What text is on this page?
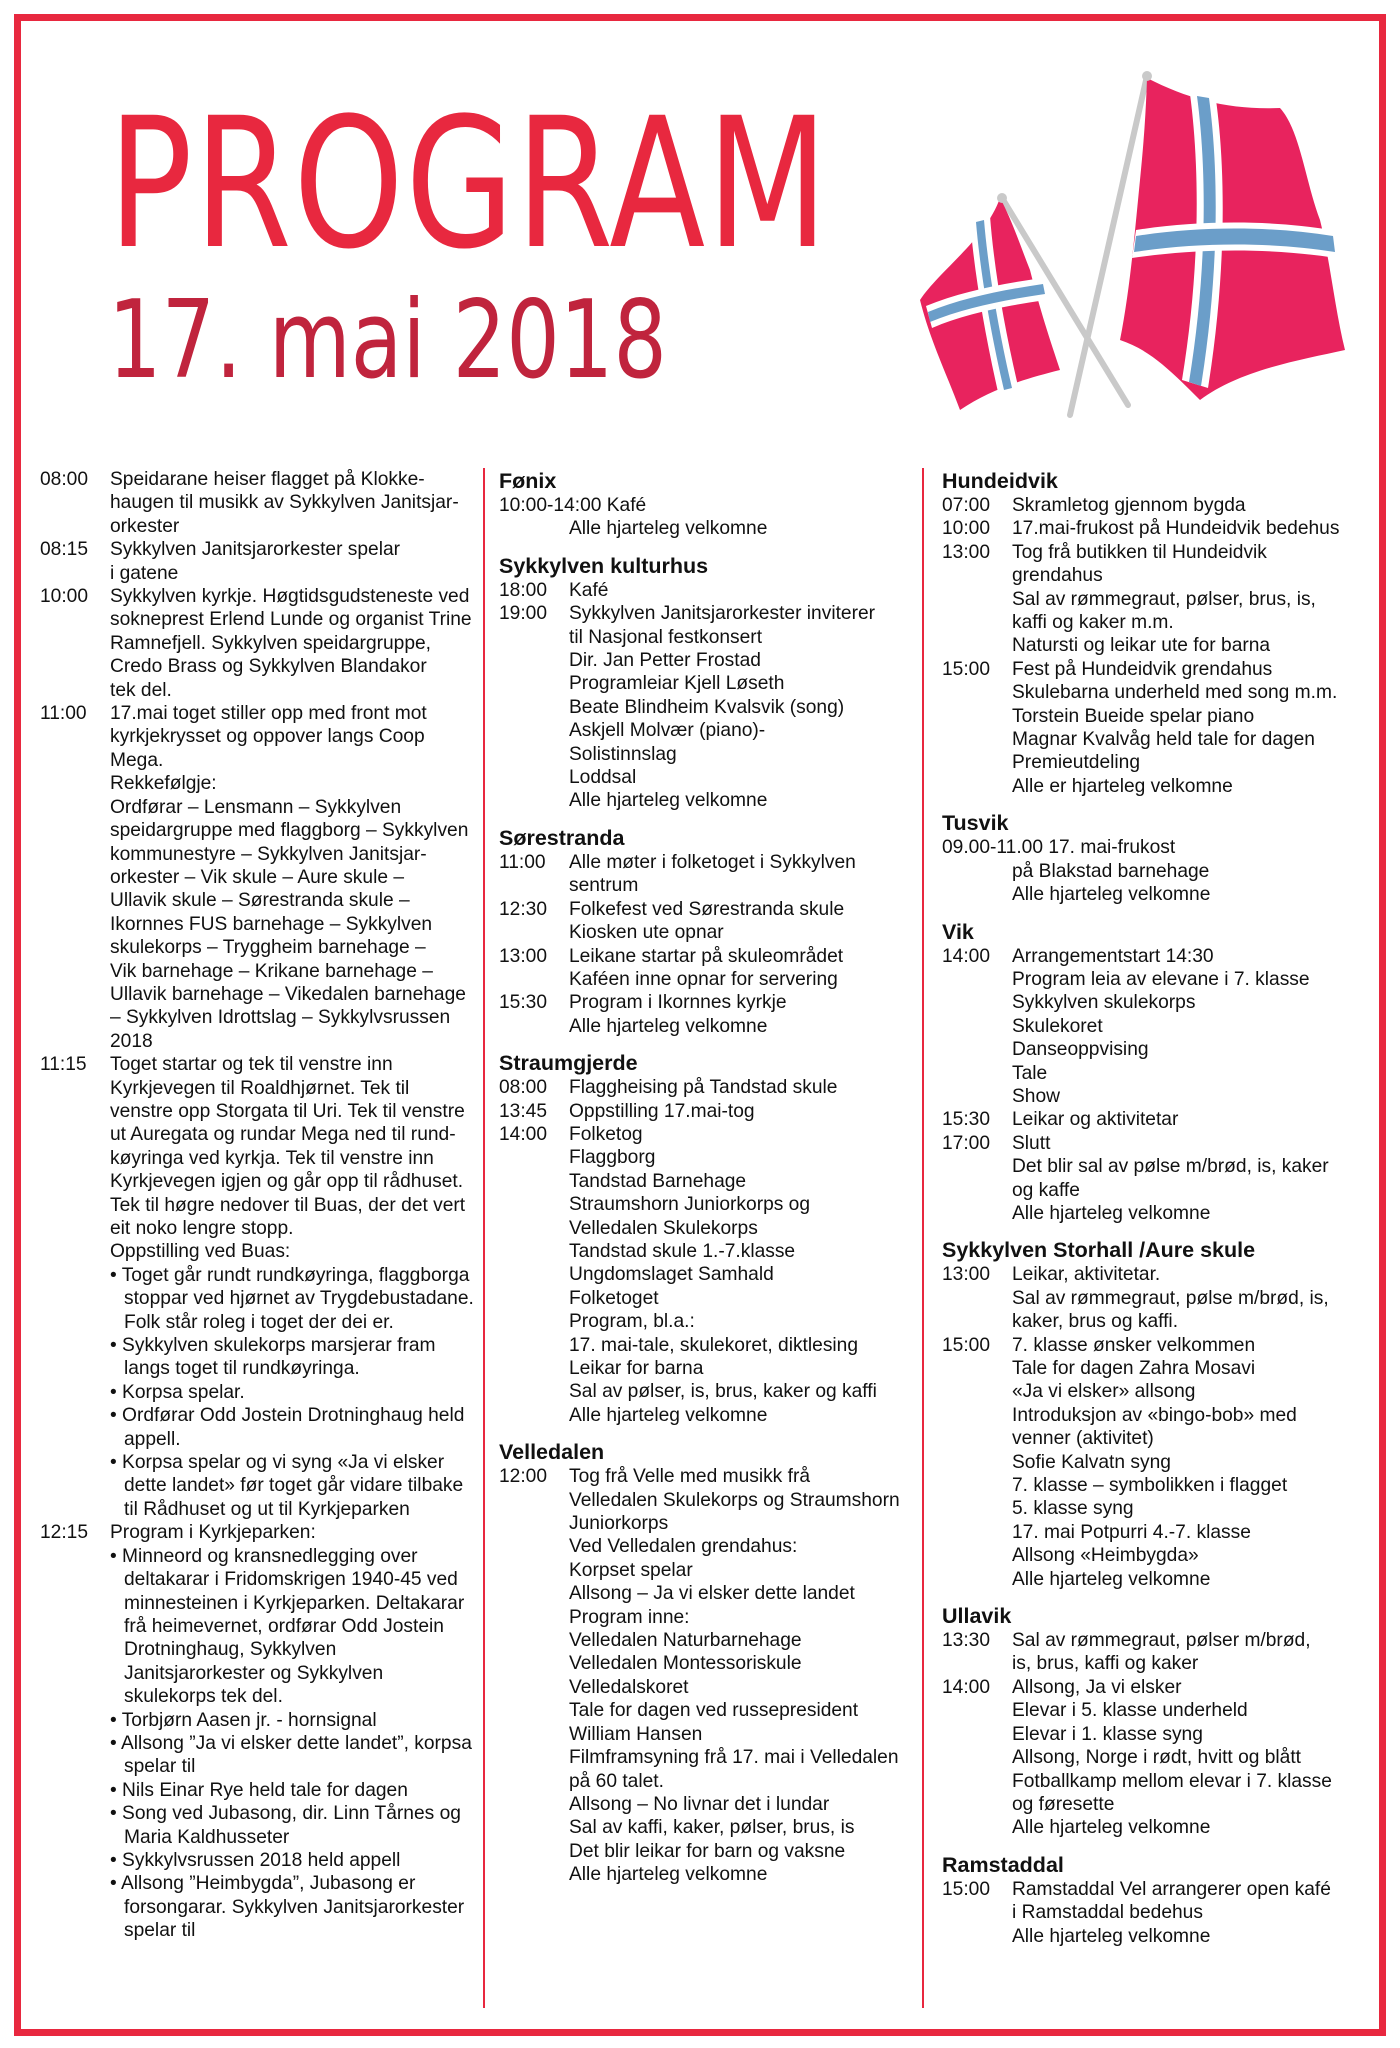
PROGRAM
17. mai 2018
08:00	Speidarane heiser flagget på Klokke-
haugen til musikk av Sykkylven Janitsjar-
orkester
08:15	Sykkylven Janitsjarorkester spelar
i gatene
10:00	Sykkylven kyrkje. Høgtidsgudsteneste ved
sokneprest Erlend Lunde og organist Trine
Ramnefjell. Sykkylven speidargruppe,
Credo Brass og Sykkylven Blandakor
tek del.
11:00	17.mai toget stiller opp med front mot
kyrkjekrysset og oppover langs Coop
Mega.
Rekkefølgje:
Ordførar – Lensmann – Sykkylven
speidargruppe med flaggborg – Sykkylven
kommunestyre – Sykkylven Janitsjar-
orkester – Vik skule – Aure skule –
Ullavik skule – Sørestranda skule –
Ikornnes FUS barnehage – Sykkylven
skulekorps – Tryggheim barnehage –
Vik barnehage – Krikane barnehage –
Ullavik barnehage – Vikedalen barnehage
– Sykkylven Idrottslag – Sykkylvsrussen
2018
11:15	Toget startar og tek til venstre inn
Kyrkjevegen til Roaldhjørnet. Tek til
venstre opp Storgata til Uri. Tek til venstre
ut Auregata og rundar Mega ned til rund-
køyringa ved kyrkja. Tek til venstre inn
Kyrkjevegen igjen og går opp til rådhuset.
Tek til høgre nedover til Buas, der det vert
eit noko lengre stopp.
Oppstilling ved Buas:
• Toget går rundt rundkøyringa, flaggborga stoppar ved hjørnet av Trygdebustadane. Folk står roleg i toget der dei er.
• Sykkylven skulekorps marsjerar fram langs toget til rundkøyringa.
• Korpsa spelar.
• Ordførar Odd Jostein Drotninghaug held appell.
• Korpsa spelar og vi syng «Ja vi elsker dette landet» før toget går vidare tilbake til Rådhuset og ut til Kyrkjeparken
12:15	Program i Kyrkjeparken:
• Minneord og kransnedlegging over deltakarar i Fridomskrigen 1940-45 ved minnesteinen i Kyrkjeparken. Deltakarar frå heimevernet, ordførar Odd Jostein Drotninghaug, Sykkylven Janitsjarorkester og Sykkylven skulekorps tek del.
• Torbjørn Aasen jr. - hornsignal
• Allsong ”Ja vi elsker dette landet”, korpsa spelar til
• Nils Einar Rye held tale for dagen
• Song ved Jubasong, dir. Linn Tårnes og Maria Kaldhusseter
• Sykkylvsrussen 2018 held appell
• Allsong ”Heimbygda”, Jubasong er forsongarar. Sykkylven Janitsjarorkester spelar til
Fønix
10:00-14:00 Kafé
Alle hjarteleg velkomne
Sykkylven kulturhus
18:00	Kafé
19:00	Sykkylven Janitsjarorkester inviterer
til Nasjonal festkonsert
Dir. Jan Petter Frostad
Programleiar Kjell Løseth
Beate Blindheim Kvalsvik (song)
Askjell Molvær (piano)-
Solistinnslag
Loddsal
Alle hjarteleg velkomne
Sørestranda
11:00	Alle møter i folketoget i Sykkylven
sentrum
12:30	Folkefest ved Sørestranda skule
Kiosken ute opnar
13:00	Leikane startar på skuleområdet
Kaféen inne opnar for servering
15:30	Program i Ikornnes kyrkje
Alle hjarteleg velkomne
Straumgjerde
08:00	Flaggheising på Tandstad skule
13:45	Oppstilling 17.mai-tog
14:00	Folketog
Flaggborg
Tandstad Barnehage
Straumshorn Juniorkorps og
Velledalen Skulekorps
Tandstad skule 1.-7.klasse
Ungdomslaget Samhald
Folketoget
Program, bl.a.:
17. mai-tale, skulekoret, diktlesing
Leikar for barna
Sal av pølser, is, brus, kaker og kaffi
Alle hjarteleg velkomne
Velledalen
12:00	Tog frå Velle med musikk frå
Velledalen Skulekorps og Straumshorn
Juniorkorps
Ved Velledalen grendahus:
Korpset spelar
Allsong – Ja vi elsker dette landet
Program inne:
Velledalen Naturbarnehage
Velledalen Montessoriskule
Velledalskoret
Tale for dagen ved russepresident
William Hansen
Filmframsyning frå 17. mai i Velledalen
på 60 talet.
Allsong – No livnar det i lundar
Sal av kaffi, kaker, pølser, brus, is
Det blir leikar for barn og vaksne
Alle hjarteleg velkomne
Hundeidvik
07:00	Skramletog gjennom bygda
10:00	17.mai-frukost på Hundeidvik bedehus
13:00	Tog frå butikken til Hundeidvik
grendahus
Sal av rømmegraut, pølser, brus, is,
kaffi og kaker m.m.
Natursti og leikar ute for barna
15:00	Fest på Hundeidvik grendahus
Skulebarna underheld med song m.m.
Torstein Bueide spelar piano
Magnar Kvalvåg held tale for dagen
Premieutdeling
Alle er hjarteleg velkomne
Tusvik
09.00-11.00 17. mai-frukost
på Blakstad barnehage
Alle hjarteleg velkomne
Vik
14:00	Arrangementstart 14:30
Program leia av elevane i 7. klasse
Sykkylven skulekorps
Skulekoret
Danseoppvising
Tale
Show
15:30	Leikar og aktivitetar
17:00	Slutt
Det blir sal av pølse m/brød, is, kaker
og kaffe
Alle hjarteleg velkomne
Sykkylven Storhall /Aure skule
13:00	Leikar, aktivitetar.
Sal av rømmegraut, pølse m/brød, is,
kaker, brus og kaffi.
15:00	7. klasse ønsker velkommen
Tale for dagen Zahra Mosavi
«Ja vi elsker» allsong
Introduksjon av «bingo-bob» med
venner (aktivitet)
Sofie Kalvatn syng
7. klasse – symbolikken i flagget
5. klasse syng
17. mai Potpurri 4.-7. klasse
Allsong «Heimbygda»
Alle hjarteleg velkomne
Ullavik
13:30	Sal av rømmegraut, pølser m/brød,
is, brus, kaffi og kaker
14:00	Allsong, Ja vi elsker
Elevar i 5. klasse underheld
Elevar i 1. klasse syng
Allsong, Norge i rødt, hvitt og blått
Fotballkamp mellom elevar i 7. klasse
og føresette
Alle hjarteleg velkomne
Ramstaddal
15:00	Ramstaddal Vel arrangerer open kafé
i Ramstaddal bedehus
Alle hjarteleg velkomne
